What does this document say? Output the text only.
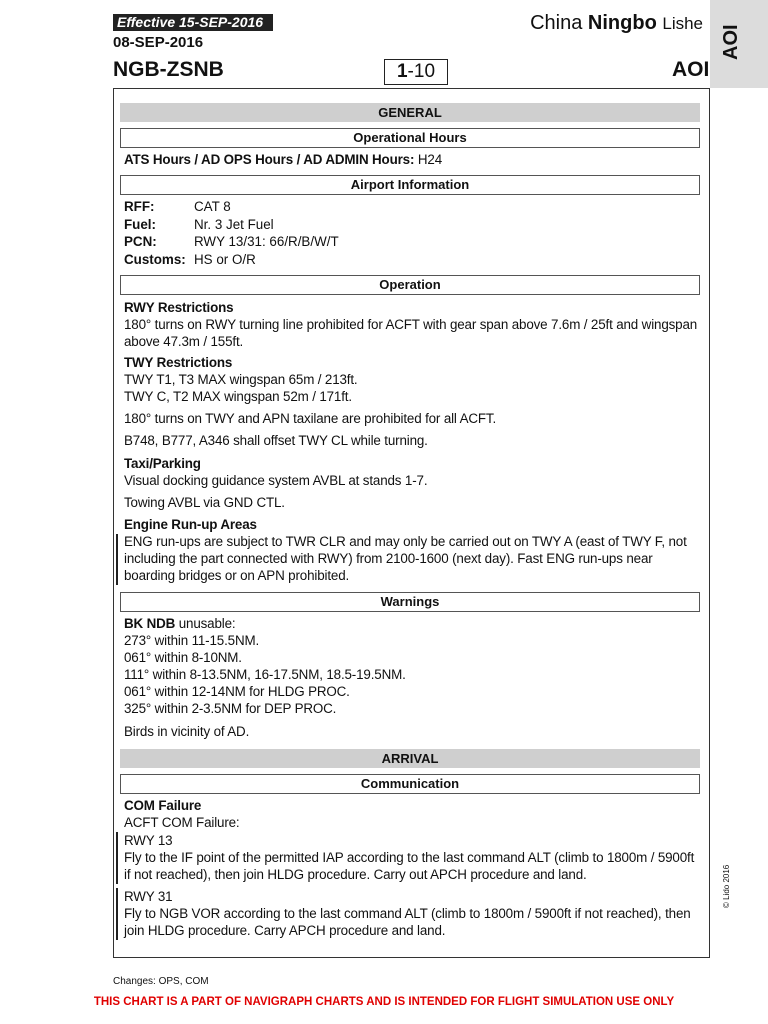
Effective 15-SEP-2016
08-SEP-2016
NGB-ZSNB
China Ningbo Lishe
1-10	AOI
AOI
GENERAL
Operational Hours
ATS Hours / AD OPS Hours / AD ADMIN Hours: H24
Airport Information
RFF:	CAT 8
Fuel:	Nr. 3 Jet Fuel
PCN:	RWY 13/31: 66/R/B/W/T
Customs: HS or O/R
Operation
RWY Restrictions
180° turns on RWY turning line prohibited for ACFT with gear span above 7.6m / 25ft and wingspan above 47.3m / 155ft.
TWY Restrictions
TWY T1, T3 MAX wingspan 65m / 213ft.
TWY C, T2 MAX wingspan 52m / 171ft.
180° turns on TWY and APN taxilane are prohibited for all ACFT.
B748, B777, A346 shall offset TWY CL while turning.
Taxi/Parking
Visual docking guidance system AVBL at stands 1-7.
Towing AVBL via GND CTL.
Engine Run-up Areas
ENG run-ups are subject to TWR CLR and may only be carried out on TWY A (east of TWY F, not including the part connected with RWY) from 2100-1600 (next day). Fast ENG run-ups near boarding bridges or on APN prohibited.
Warnings
BK NDB unusable:
273° within 11-15.5NM.
061° within 8-10NM.
111° within 8-13.5NM, 16-17.5NM, 18.5-19.5NM.
061° within 12-14NM for HLDG PROC.
325° within 2-3.5NM for DEP PROC.
Birds in vicinity of AD.
ARRIVAL
Communication
COM Failure
ACFT COM Failure:
RWY 13
Fly to the IF point of the permitted IAP according to the last command ALT (climb to 1800m / 5900ft if not reached), then join HLDG procedure. Carry out APCH procedure and land.
RWY 31
Fly to NGB VOR according to the last command ALT (climb to 1800m / 5900ft if not reached), then join HLDG procedure. Carry APCH procedure and land.
© Lido 2016
Changes: OPS, COM
THIS CHART IS A PART OF NAVIGRAPH CHARTS AND IS INTENDED FOR FLIGHT SIMULATION USE ONLY
